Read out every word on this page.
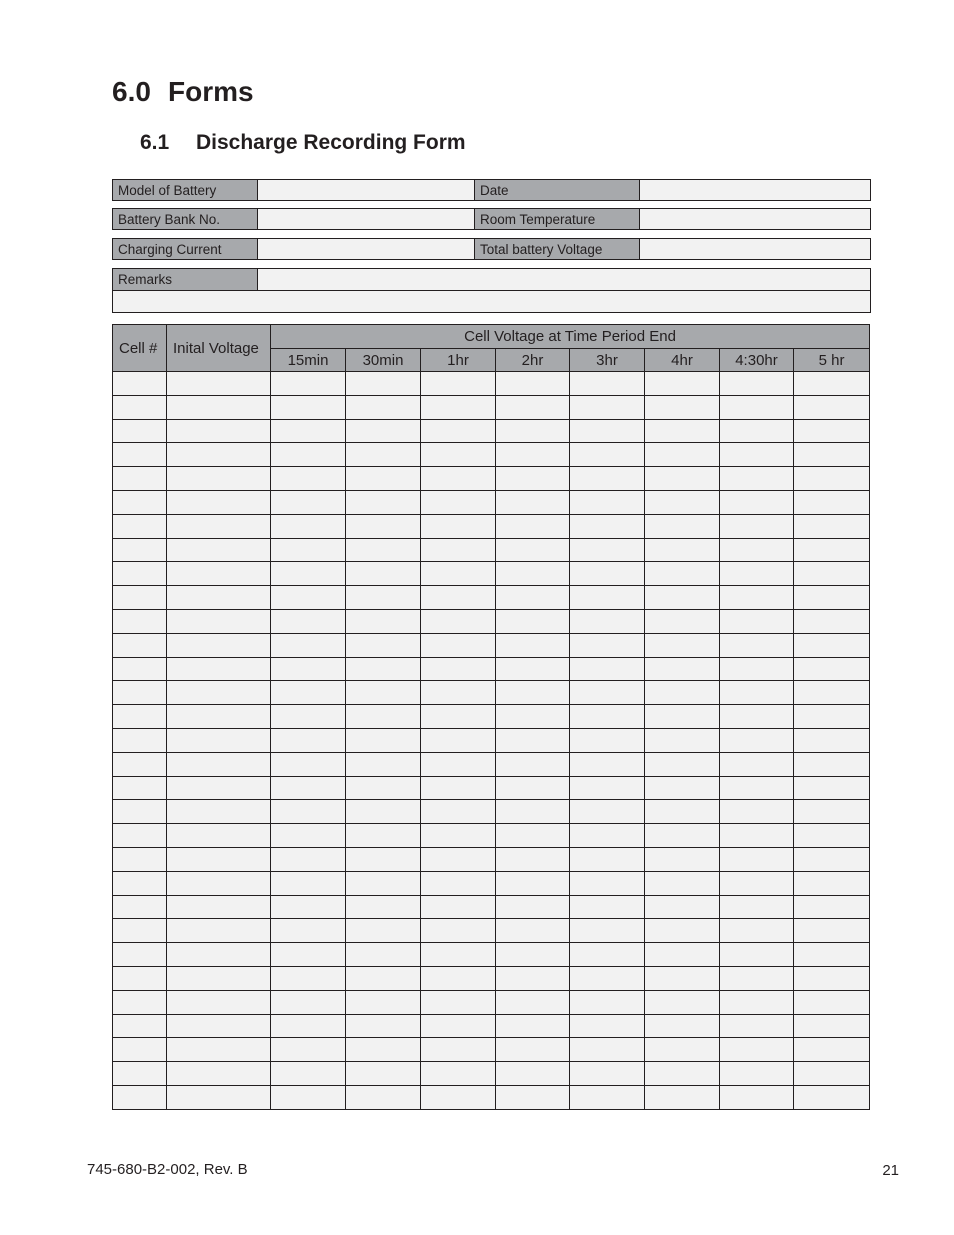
6.0 Forms
6.1 Discharge Recording Form
Model of Battery	Date
Battery Bank No.	Room Temperature
Charging Current	Total battery Voltage
Remarks
Cell #	Inital Voltage	Cell Voltage at Time Period End							
		15min	30min	1hr	2hr	3hr	4hr	4:30hr	5 hr

745-680-B2-002, Rev. B	21
